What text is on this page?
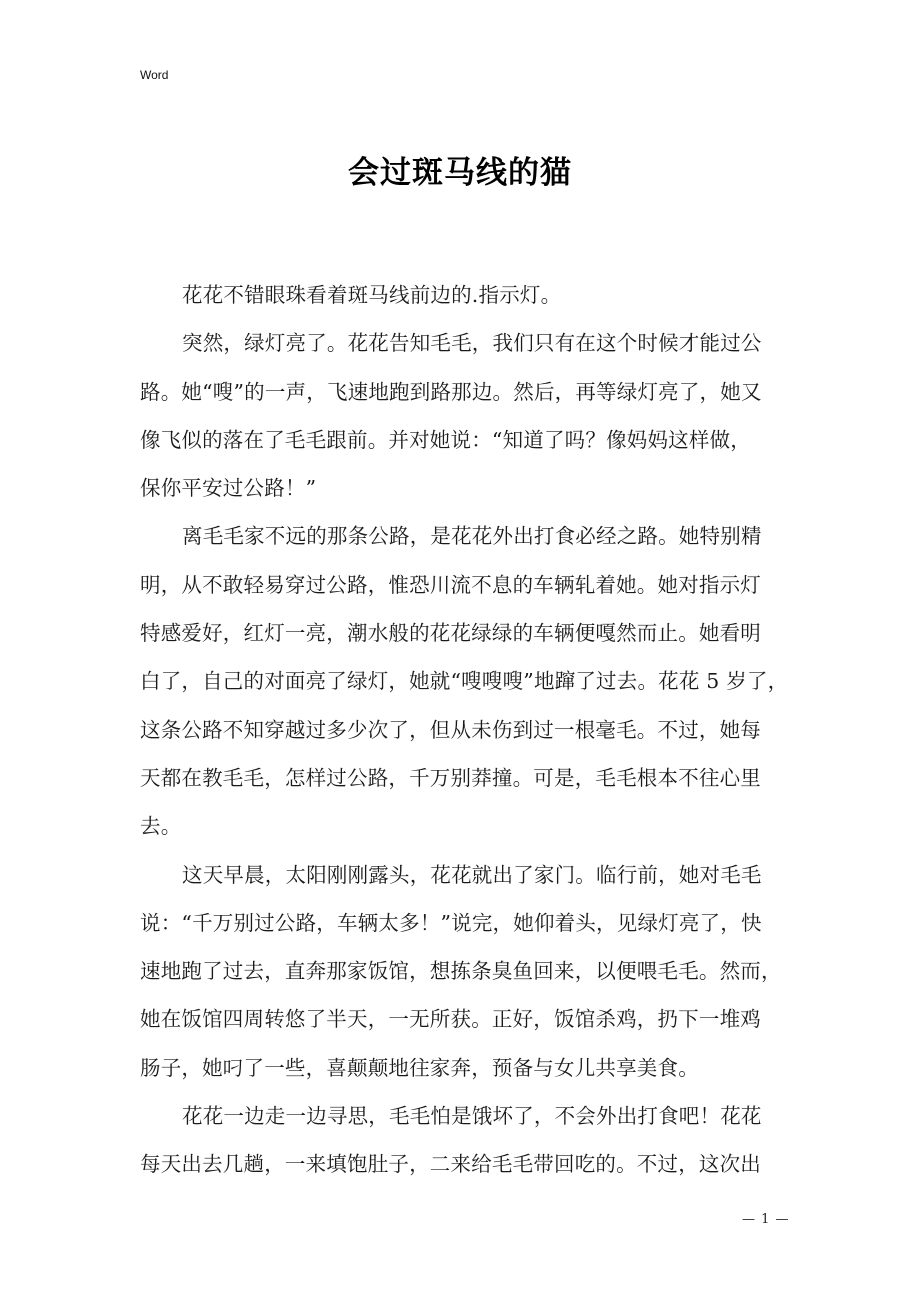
Word
会过斑马线的猫
花花不错眼珠看着斑马线前边的.指示灯。
突然，绿灯亮了。花花告知毛毛，我们只有在这个时候才能过公
路。她“嗖”的一声，飞速地跑到路那边。然后，再等绿灯亮了，她又
像飞似的落在了毛毛跟前。并对她说：“知道了吗？像妈妈这样做，
保你平安过公路！”
离毛毛家不远的那条公路，是花花外出打食必经之路。她特别精
明，从不敢轻易穿过公路，惟恐川流不息的车辆轧着她。她对指示灯
特感爱好，红灯一亮，潮水般的花花绿绿的车辆便嘎然而止。她看明
白了，自己的对面亮了绿灯，她就“嗖嗖嗖”地蹿了过去。花花 5 岁了，
这条公路不知穿越过多少次了，但从未伤到过一根毫毛。不过，她每
天都在教毛毛，怎样过公路，千万别莽撞。可是，毛毛根本不往心里
去。
这天早晨，太阳刚刚露头，花花就出了家门。临行前，她对毛毛
说：“千万别过公路，车辆太多！”说完，她仰着头，见绿灯亮了，快
速地跑了过去，直奔那家饭馆，想拣条臭鱼回来，以便喂毛毛。然而，
她在饭馆四周转悠了半天，一无所获。正好，饭馆杀鸡，扔下一堆鸡
肠子，她叼了一些，喜颠颠地往家奔，预备与女儿共享美食。
花花一边走一边寻思，毛毛怕是饿坏了，不会外出打食吧！花花
每天出去几趟，一来填饱肚子，二来给毛毛带回吃的。不过，这次出
— 1 —
